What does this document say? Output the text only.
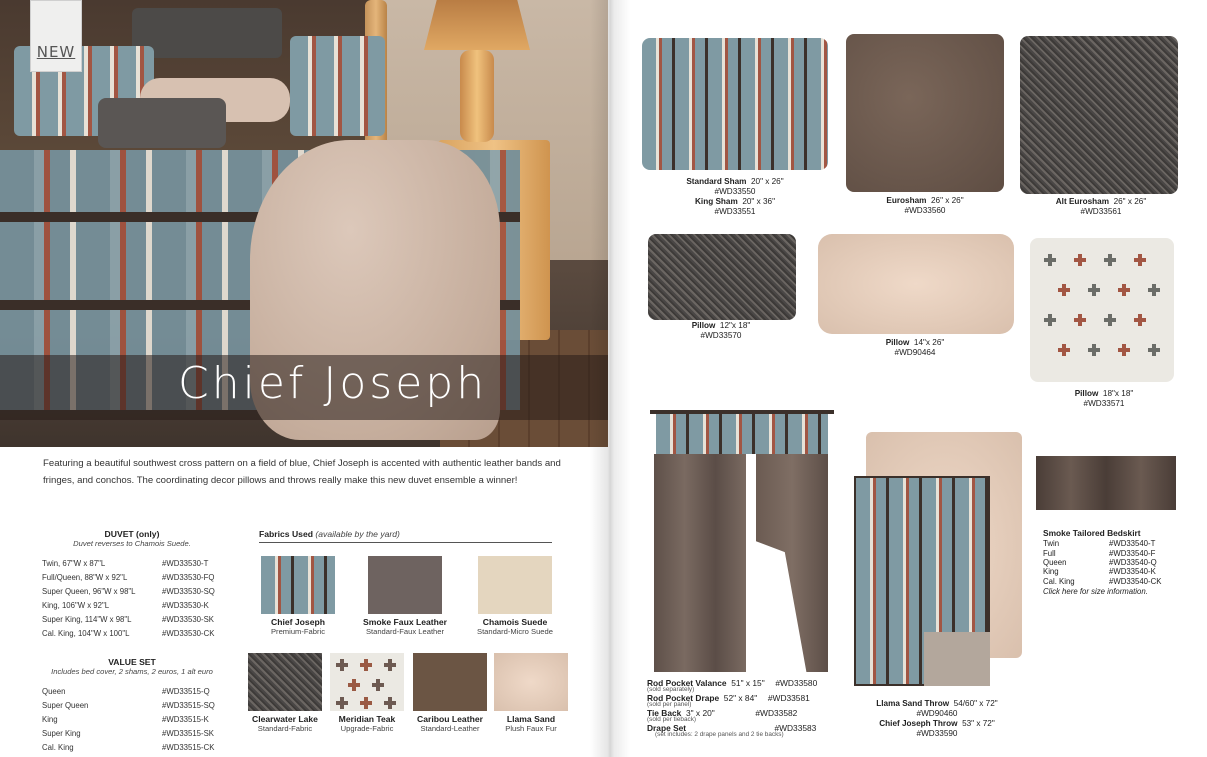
NEW
Chief Joseph

Featuring a beautiful southwest cross pattern on a field of blue, Chief Joseph is accented with authentic leather bands and fringes, and conchos. The coordinating decor pillows and throws really make this new duvet ensemble a winner!

DUVET (only)
Duvet reverses to Chamois Suede.
Twin, 67"W x 87"L	#WD33530-T
Full/Queen, 88"W x 92"L	#WD33530-FQ
Super Queen, 96"W x 98"L	#WD33530-SQ
King, 106"W x 92"L	#WD33530-K
Super King, 114"W x 98"L	#WD33530-SK
Cal. King, 104"W x 100"L	#WD33530-CK
VALUE SET
Includes bed cover, 2 shams, 2 euros, 1 alt euro
Queen	#WD33515-Q
Super Queen	#WD33515-SQ
King	#WD33515-K
Super King	#WD33515-SK
Cal. King	#WD33515-CK
Fabrics Used (available by the yard)
Chief Joseph
Premium-Fabric
Smoke Faux Leather
Standard-Faux Leather
Chamois Suede
Standard-Micro Suede
Clearwater Lake
Standard-Fabric
Meridian Teak
Upgrade-Fabric
Caribou Leather
Standard-Leather
Llama Sand
Plush Faux Fur
Standard Sham 20" x 26"
#WD33550
King Sham 20" x 36"
#WD33551
Eurosham 26" x 26"
#WD33560
Alt Eurosham 26" x 26"
#WD33561
Pillow 12"x 18"
#WD33570
Pillow 14"x 26"
#WD90464
Pillow 18"x 18"
#WD33571
Rod Pocket Valance 51" x 15" #WD33580
(sold separately)
Rod Pocket Drape 52" x 84" #WD33581
(sold per panel)
Tie Back 3" x 20"	#WD33582
(sold per tieback)
Drape Set	#WD33583
(set includes: 2 drape panels and 2 tie backs)
Llama Sand Throw 54/60" x 72"
#WD90460
Chief Joseph Throw 53" x 72"
#WD33590
Smoke Tailored Bedskirt
Twin	#WD33540-T
Full	#WD33540-F
Queen	#WD33540-Q
King	#WD33540-K
Cal. King	#WD33540-CK
Click here for size information.
